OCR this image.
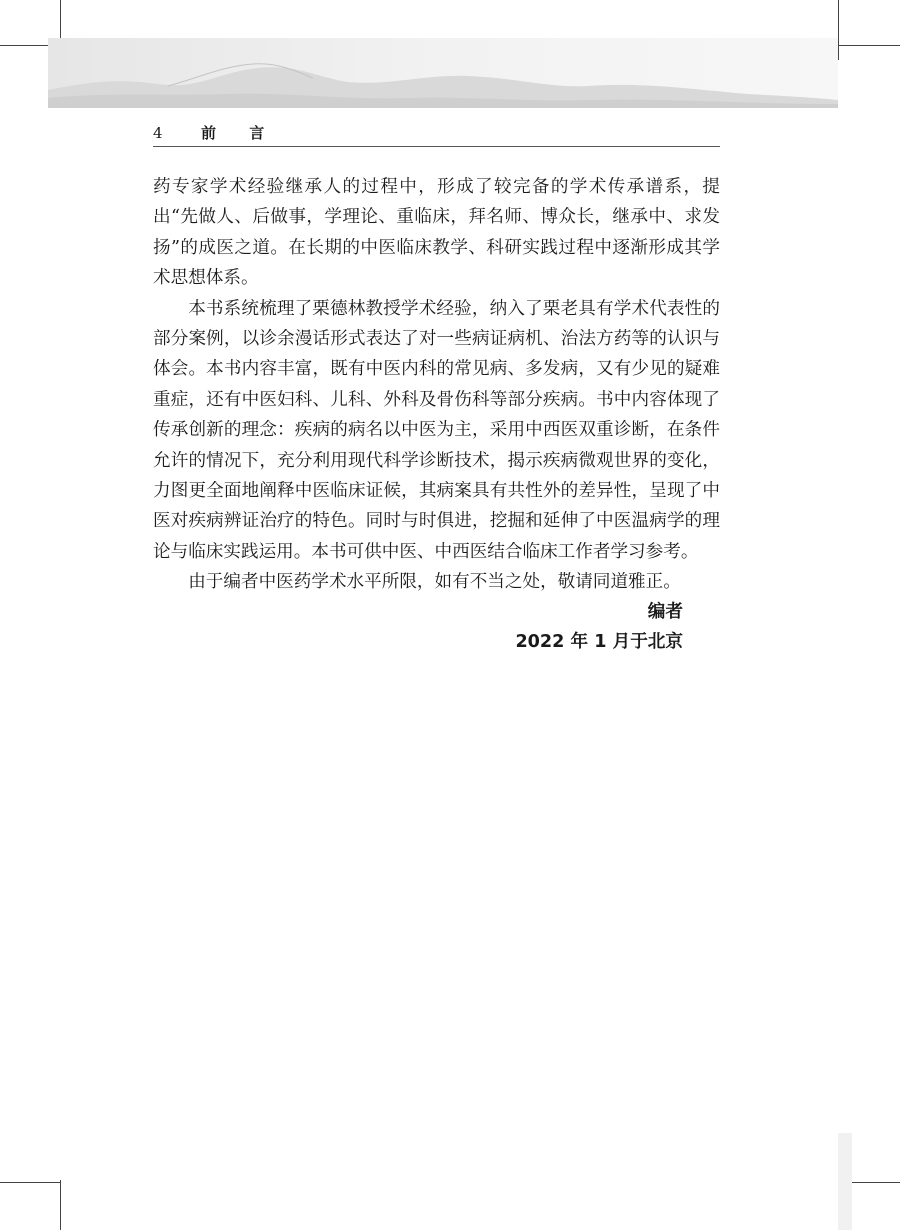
4	前 言

药专家学术经验继承人的过程中，形成了较完备的学术传承谱系，提出“先做人、后做事，学理论、重临床，拜名师、博众长，继承中、求发扬”的成医之道。在长期的中医临床教学、科研实践过程中逐渐形成其学术思想体系。

本书系统梳理了栗德林教授学术经验，纳入了栗老具有学术代表性的部分案例，以诊余漫话形式表达了对一些病证病机、治法方药等的认识与体会。本书内容丰富，既有中医内科的常见病、多发病，又有少见的疑难重症，还有中医妇科、儿科、外科及骨伤科等部分疾病。书中内容体现了传承创新的理念：疾病的病名以中医为主，采用中西医双重诊断，在条件允许的情况下，充分利用现代科学诊断技术，揭示疾病微观世界的变化，力图更全面地阐释中医临床证候，其病案具有共性外的差异性，呈现了中医对疾病辨证治疗的特色。同时与时俱进，挖掘和延伸了中医温病学的理论与临床实践运用。本书可供中医、中西医结合临床工作者学习参考。

由于编者中医药学术水平所限，如有不当之处，敬请同道雅正。

编者
2022 年 1 月于北京
